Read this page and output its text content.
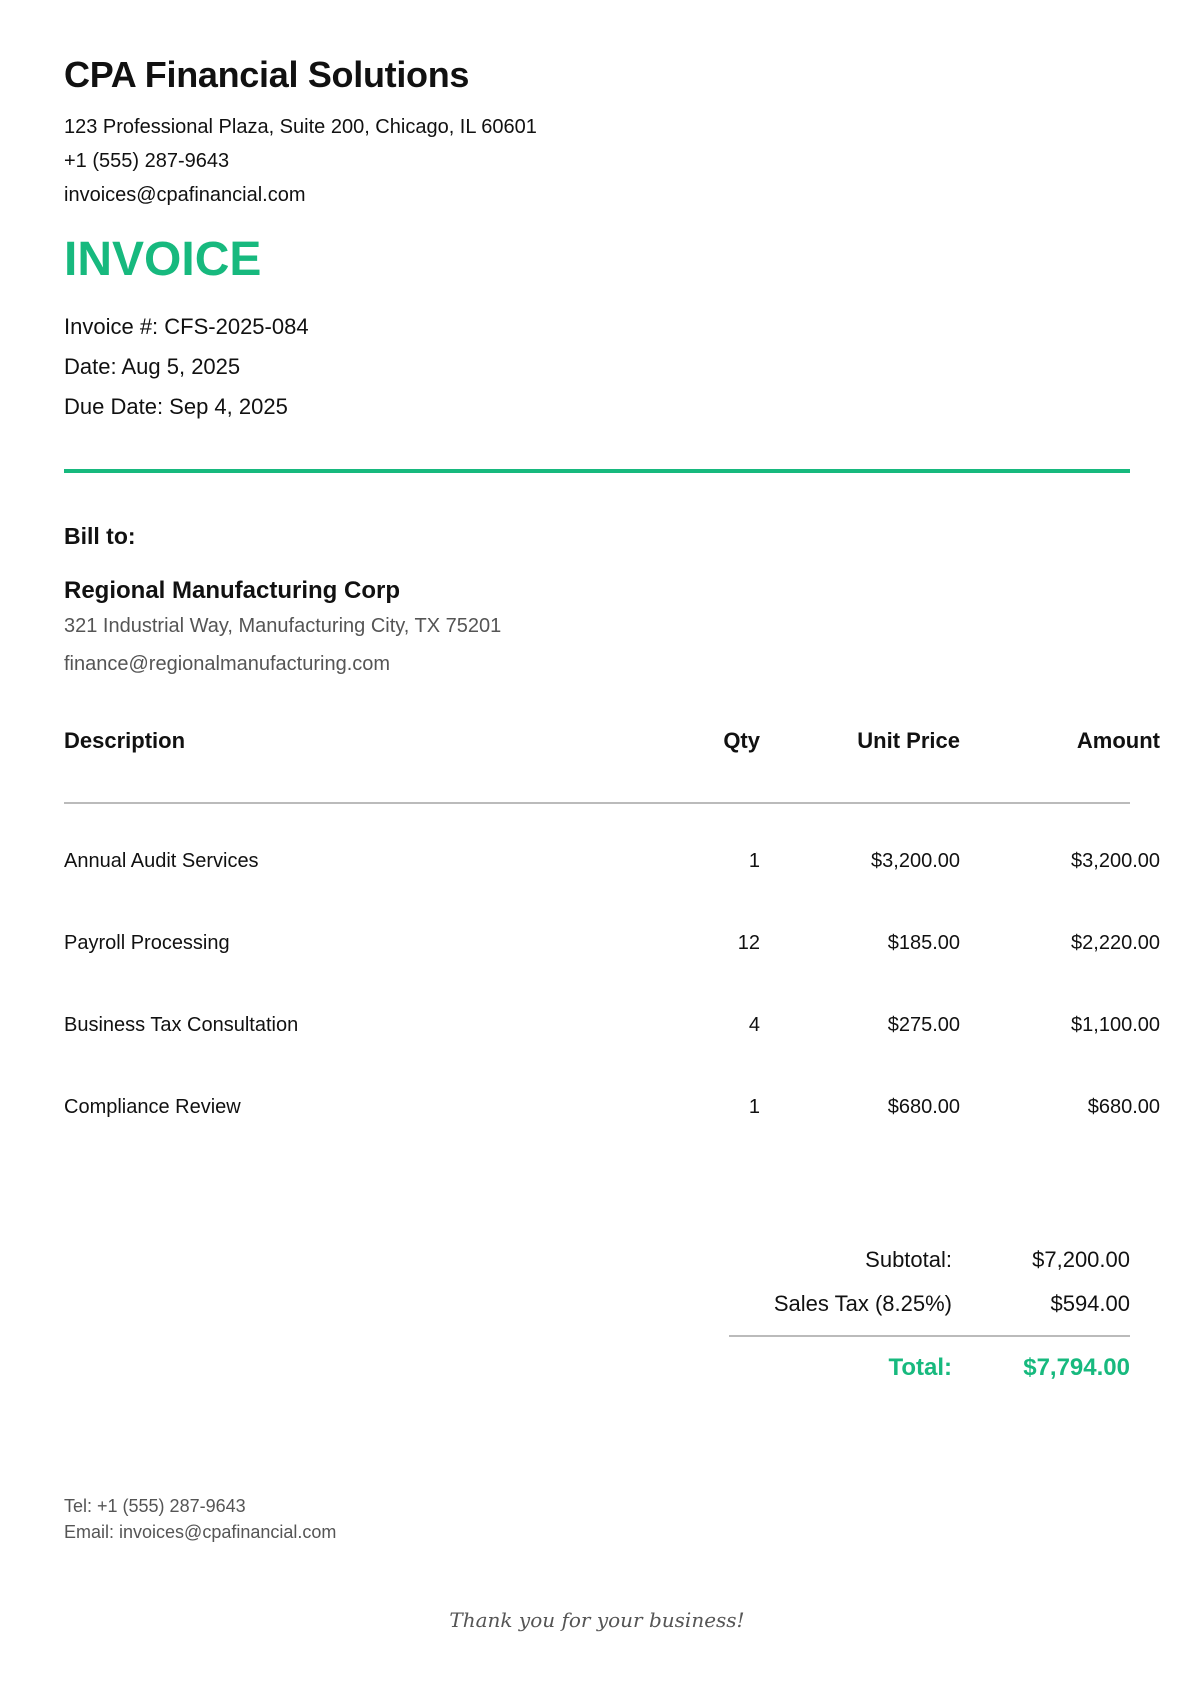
CPA Financial Solutions
123 Professional Plaza, Suite 200, Chicago, IL 60601
+1 (555) 287-9643
invoices@cpafinancial.com
INVOICE
Invoice #: CFS-2025-084
Date: Aug 5, 2025
Due Date: Sep 4, 2025
Bill to:
Regional Manufacturing Corp
321 Industrial Way, Manufacturing City, TX 75201
finance@regionalmanufacturing.com
Description	Qty	Unit Price	Amount
Annual Audit Services	1	$3,200.00	$3,200.00
Payroll Processing	12	$185.00	$2,220.00
Business Tax Consultation	4	$275.00	$1,100.00
Compliance Review	1	$680.00	$680.00
Subtotal:	$7,200.00
Sales Tax (8.25%)	$594.00
Total:	$7,794.00
Tel: +1 (555) 287-9643
Email: invoices@cpafinancial.com
Thank you for your business!
